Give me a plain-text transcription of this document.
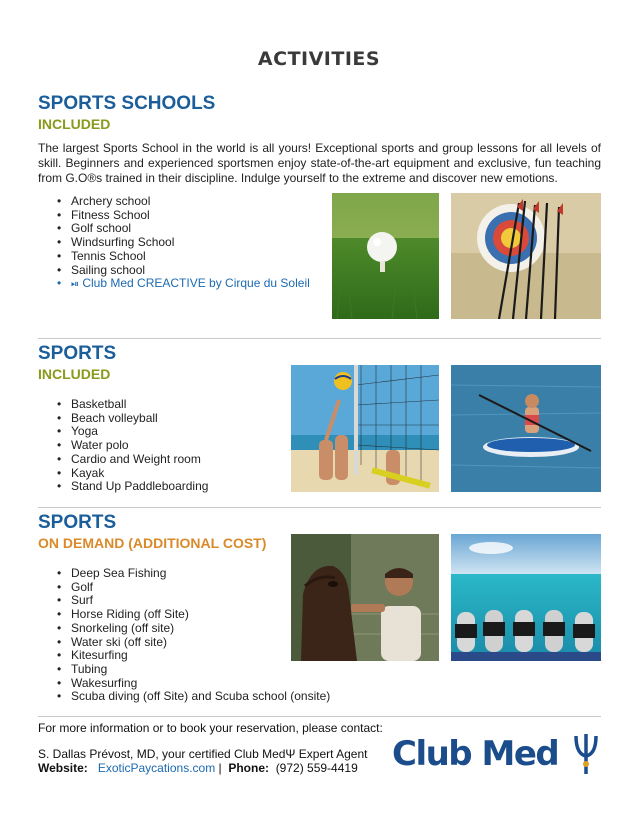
ACTIVITIES
SPORTS SCHOOLS
INCLUDED
The largest Sports School in the world is all yours! Exceptional sports and group lessons for all levels of skill. Beginners and experienced sportsmen enjoy state-of-the-art equipment and exclusive, fun teaching from G.O®s trained in their discipline. Indulge yourself to the extreme and discover new emotions.
• Archery school
• Fitness School
• Golf school
• Windsurfing School
• Tennis School
• Sailing school
• ⏯ Club Med CREACTIVE by Cirque du Soleil
SPORTS
INCLUDED
• Basketball
• Beach volleyball
• Yoga
• Water polo
• Cardio and Weight room
• Kayak
• Stand Up Paddleboarding
SPORTS
ON DEMAND (ADDITIONAL COST)
• Deep Sea Fishing
• Golf
• Surf
• Horse Riding (off Site)
• Snorkeling (off site)
• Water ski (off site)
• Kitesurfing
• Tubing
• Wakesurfing
• Scuba diving (off Site) and Scuba school (onsite)
For more information or to book your reservation, please contact:
S. Dallas Prévost, MD, your certified Club MedΨ Expert Agent
Website: ExoticPaycations.com | Phone: (972) 559-4419 Club Med
